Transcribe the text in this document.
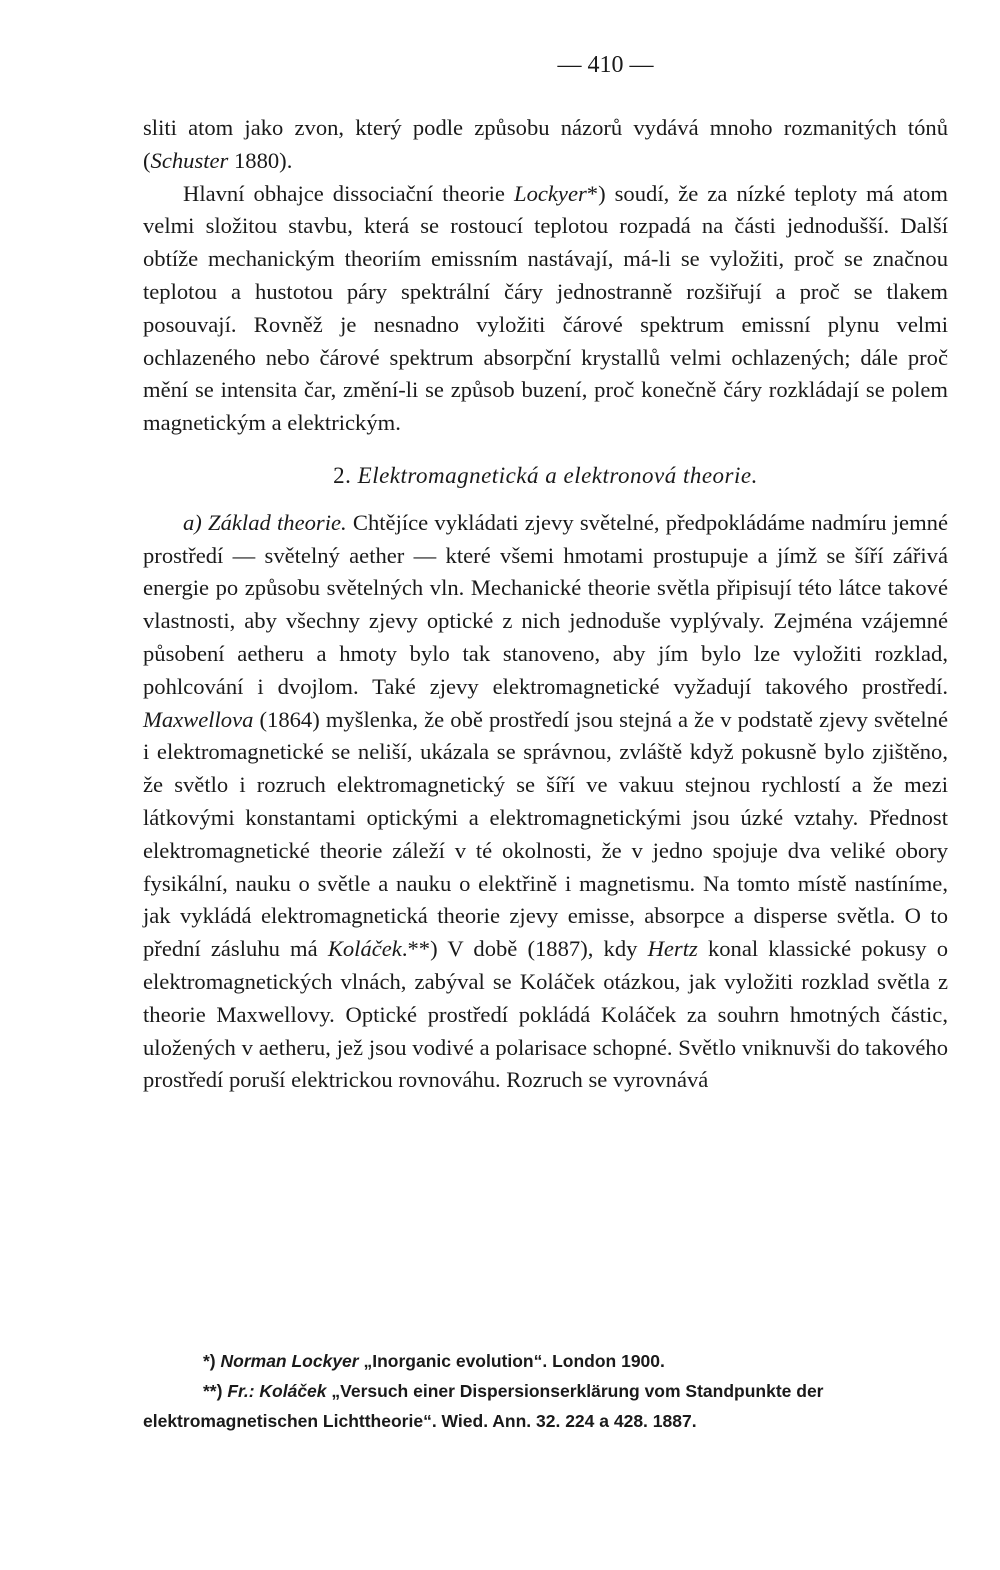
— 410 —

sliti atom jako zvon, který podle způsobu názorů vydává mnoho rozmanitých tónů (Schuster 1880).

Hlavní obhajce dissociační theorie Lockyer*) soudí, že za nízké teploty má atom velmi složitou stavbu, která se rostoucí teplotou rozpadá na části jednodušší. Další obtíže mechanickým theoriím emissním nastávají, má-li se vyložiti, proč se značnou teplotou a hustotou páry spektrální čáry jednostranně rozšiřují a proč se tlakem posouvají. Rovněž je nesnadno vyložiti čárové spektrum emissní plynu velmi ochlazeného nebo čárové spektrum absorpční krystallů velmi ochlazených; dále proč mění se intensita čar, změní-li se způsob buzení, proč konečně čáry rozkládají se polem magnetickým a elektrickým.

2. Elektromagnetická a elektronová theorie.

a) Základ theorie. Chtějíce vykládati zjevy světelné, předpokládáme nadmíru jemné prostředí — světelný aether — které všemi hmotami prostupuje a jímž se šíří zářivá energie po způsobu světelných vln. Mechanické theorie světla připisují této látce takové vlastnosti, aby všechny zjevy optické z nich jednoduše vyplývaly. Zejména vzájemné působení aetheru a hmoty bylo tak stanoveno, aby jím bylo lze vyložiti rozklad, pohlcování i dvojlom. Také zjevy elektromagnetické vyžadují takového prostředí. Maxwellova (1864) myšlenka, že obě prostředí jsou stejná a že v podstatě zjevy světelné i elektromagnetické se neliší, ukázala se správnou, zvláště když pokusně bylo zjištěno, že světlo i rozruch elektromagnetický se šíří ve vakuu stejnou rychlostí a že mezi látkovými konstantami optickými a elektromagnetickými jsou úzké vztahy. Přednost elektromagnetické theorie záleží v té okolnosti, že v jedno spojuje dva veliké obory fysikální, nauku o světle a nauku o elektřině i magnetismu. Na tomto místě nastíníme, jak vykládá elektromagnetická theorie zjevy emisse, absorpce a disperse světla. O to přední zásluhu má Koláček.**) V době (1887), kdy Hertz konal klassické pokusy o elektromagnetických vlnách, zabýval se Koláček otázkou, jak vyložiti rozklad světla z theorie Maxwellovy. Optické prostředí pokládá Koláček za souhrn hmotných částic, uložených v aetheru, jež jsou vodivé a polarisace schopné. Světlo vniknuvši do takového prostředí poruší elektrickou rovnováhu. Rozruch se vyrovnává

*) Norman Lockyer „Inorganic evolution“. London 1900.

**) Fr.: Koláček „Versuch einer Dispersionserklärung vom Standpunkte der elektromagnetischen Lichttheorie“. Wied. Ann. 32. 224 a 428. 1887.
